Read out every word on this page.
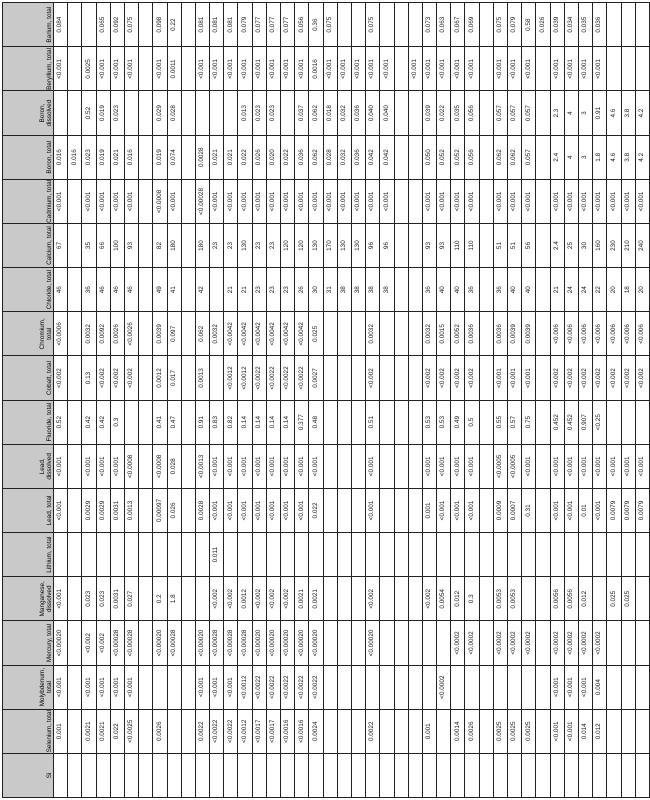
Si	Selenium, total	Molybdenum, total	Mercury, total	Manganese, dissolved	Lithium, total	Lead, total	Lead, dissolved	Fluoride, total	Cobalt, total	Chromium, total	Chloride, total	Calcium, total	Cadmium, total	Boron, total	Boron, dissolved	Beryllium, total	Barium, total
	0.001	<0.001	<0.00020	<0.001		<0.001	<0.001	0.52	<0.002	<0.0006	46	67	<0.001	0.016		<0.001	0.084
														0.016			
	0.0021	<0.001	<0.002	0.023		0.0029	<0.001	0.42	0.13	0.0032	36	35	<0.001	0.023	0.52	0.0025	
	0.0021	<0.001	<0.002	0.023		0.0029	<0.001	0.42	<0.002	0.0092	46	66	<0.001	0.019	0.019	<0.001	0.065
	0.022	<0.001	<0.00028	0.0031		0.0031	<0.001	0.3	<0.002	0.0026	46	100	<0.001	0.021	0.023	<0.001	0.092
	<0.0025	<0.001	<0.00028	0.027		0.0013	<0.0008		<0.002	<0.0026	46	93	<0.001	0.016		<0.001	0.075

	0.0026		<0.00020	0.2		0.00097	<0.0008	0.41	0.0012	0.0039	49	82	<0.0008	0.019	0.029	<0.001	0.098
			<0.00028	1.8		0.026	0.028	0.47	0.017	0.097	41	180	<0.001	0.074	0.028	0.0011	0.22

	0.0022	<0.001	<0.00020			0.0028	<0.0013	0.91	0.0013	0.062	42	180	<0.00028	0.0028		<0.001	0.081
	<0.0022	<0.001	<0.00028	<0.002	0.011	<0.001	<0.001	0.83		0.0032		23	<0.001	0.021		<0.001	0.081
	<0.0022	<0.001	<0.00028	<0.002		<0.001	<0.001	0.82	<0.0012	<0.0042	21	23	<0.001	0.021		<0.001	0.081
	<0.0012	<0.0012	<0.00028	0.0012		<0.001	<0.001	0.14	<0.0012	<0.0042	21	130	<0.001	0.022	0.013	<0.001	0.079
	<0.0017	<0.0022	<0.00020	<0.002		<0.001	<0.001	0.14	<0.0022	<0.0042	23	23	<0.001	0.026	0.023	<0.001	0.077
	<0.0017	<0.0022	<0.00020	<0.002		<0.001	<0.001	0.14	<0.0022	<0.0042	23	23	<0.001	0.020	0.023	<0.001	0.077
	<0.0016	<0.0022	<0.00020	<0.002		<0.001	<0.001	0.14	<0.0022	<0.0042	23	120	<0.001	0.022		<0.001	0.077
	<0.0016	<0.0022	<0.00020	0.0021		<0.001	<0.001	0.377	<0.0022	<0.0042	26	120	<0.001	0.036	0.037	<0.001	0.056
	0.0024	<0.0022	<0.00020	0.0021		0.022	<0.001	0.48	0.0027	0.025	30	130	<0.001	0.062	0.062	0.0016	0.36
											31	170	<0.001	0.028	0.018	<0.001	0.075
											38	130	<0.001	0.032	0.032	<0.001	
											38	130	<0.001	0.036	0.036	<0.001	
	0.0022		<0.00020	<0.002		<0.001	<0.001	0.51	<0.002	0.0032	38	96	<0.001	0.042	0.040	<0.001	0.075
											38	96	<0.001	0.042	0.040	<0.001	

																<0.001	
	0.001			<0.002		0.001	<0.001	0.53	<0.002	0.0032	36	93	<0.001	0.050	0.039	<0.001	0.073
		<0.0002		0.0054		<0.001	<0.001	0.53	<0.002	0.0015	40	93	<0.001	0.052	0.022	<0.001	0.063
	0.0014		<0.0002	0.012		<0.001	<0.001	0.49	<0.002	0.0052	40	110	<0.001	0.052	0.035	<0.001	0.067
	0.0026		<0.0002	0.3		<0.001	<0.001	0.5	<0.002	0.0036	36	110	<0.001	0.056	0.056	<0.001	0.069

	0.0025		<0.0002	0.0053		0.0009	<0.0005	0.55	<0.001	0.0036	36	51	<0.001	0.062	0.057	<0.001	0.075
	0.0025		<0.0002	0.0053		0.0007	<0.0005	0.57	<0.001	0.0039	40	51	<0.001	0.062	0.057	<0.001	0.079
	0.0025		<0.0002			0.31	<0.001	0.75	<0.001	0.0039	40	56	<0.001	0.057	0.057	<0.001	0.58
																	0.026
	<0.001	<0.001	<0.0002	0.0056		<0.001	<0.001	0.452	<0.002	<0.006	21	2.4	<0.001	2.4	2.3	<0.001	0.039
	<0.001	<0.001	<0.0002	0.0056		<0.001	<0.001	0.452	<0.002	<0.006	24	25	<0.001	4	4	<0.001	0.034
	0.014	<0.001	<0.0002	0.012		0.01	<0.001	0.907	<0.002	<0.006	24	30	<0.001	3	3	<0.001	0.035
	0.012	0.004	<0.0002			<0.001	<0.001	<0.25	<0.002	<0.006	22	160	<0.001	1.8	0.91	<0.001	0.036
				0.025		0.0079	<0.001		<0.002	<0.006	20	230	<0.001	4.6	4.6		
				0.025		0.0079	<0.001		<0.002	<0.006	18	210	<0.001	3.8	3.8		
						0.0079	<0.001		<0.002	<0.006	20	240	<0.001	4.2	4.2		
